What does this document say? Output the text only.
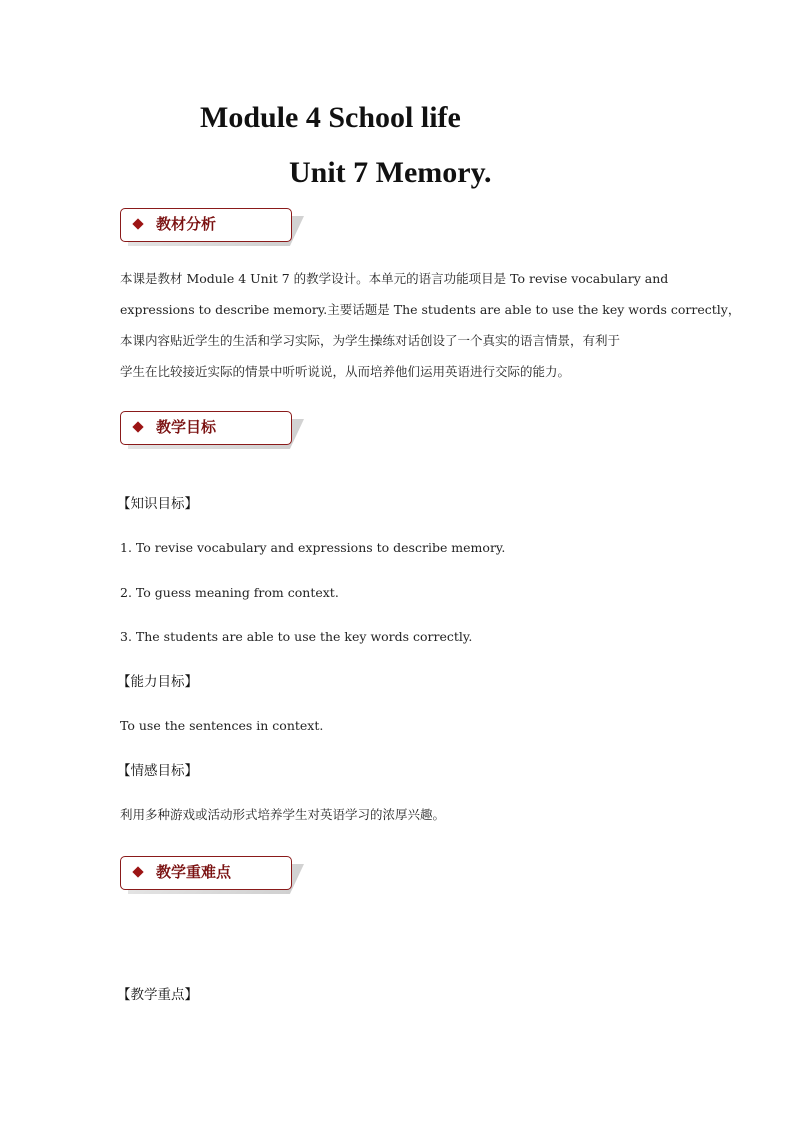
Module 4 School life
Unit 7 Memory.
教材分析

本课是教材 Module 4 Unit 7 的教学设计。本单元的语言功能项目是 To revise vocabulary and

expressions to describe memory.主要话题是 The students are able to use the key words correctly，

本课内容贴近学生的生活和学习实际，为学生操练对话创设了一个真实的语言情景，有利于

学生在比较接近实际的情景中听听说说，从而培养他们运用英语进行交际的能力。

教学目标
【知识目标】
1. To revise vocabulary and expressions to describe memory.
2. To guess meaning from context.
3. The students are able to use the key words correctly.
【能力目标】
To use the sentences in context.
【情感目标】
利用多种游戏或活动形式培养学生对英语学习的浓厚兴趣。
教学重难点
【教学重点】
